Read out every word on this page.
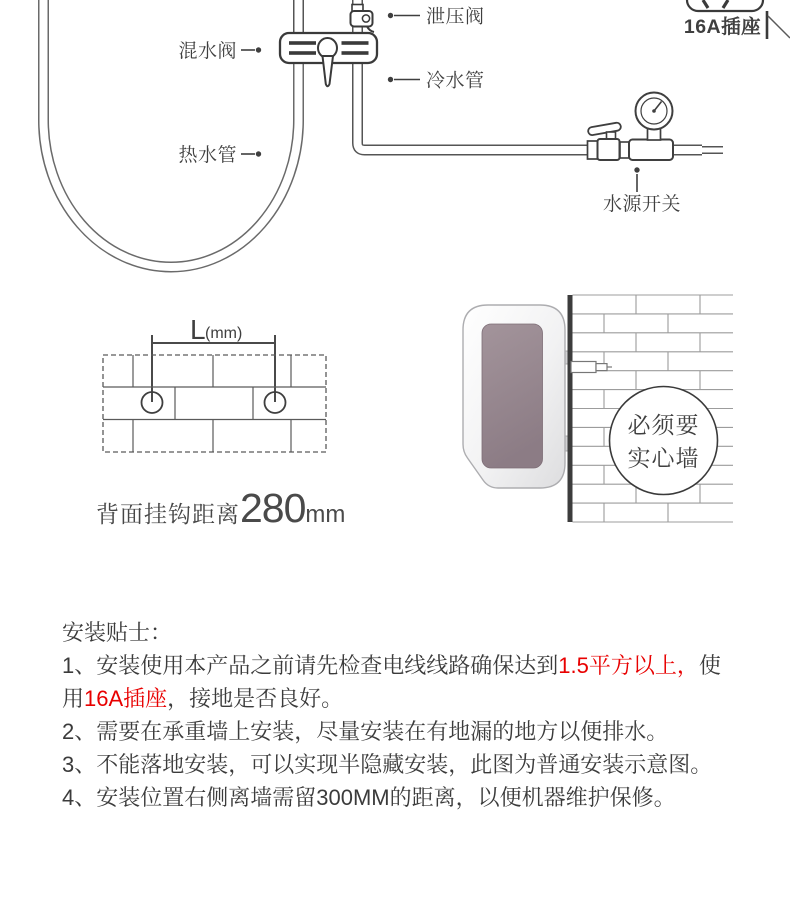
混水阀
泄压阀
冷水管
热水管
水源开关
16A插座
L (mm)
必须要
实心墙
背面挂钩距离280mm
安装贴士：
1、安装使用本产品之前请先检查电线线路确保达到1.5平方以上，使
用16A插座，接地是否良好。
2、需要在承重墙上安装，尽量安装在有地漏的地方以便排水。
3、不能落地安装，可以实现半隐藏安装，此图为普通安装示意图。
4、安装位置右侧离墙需留300MM的距离，以便机器维护保修。
